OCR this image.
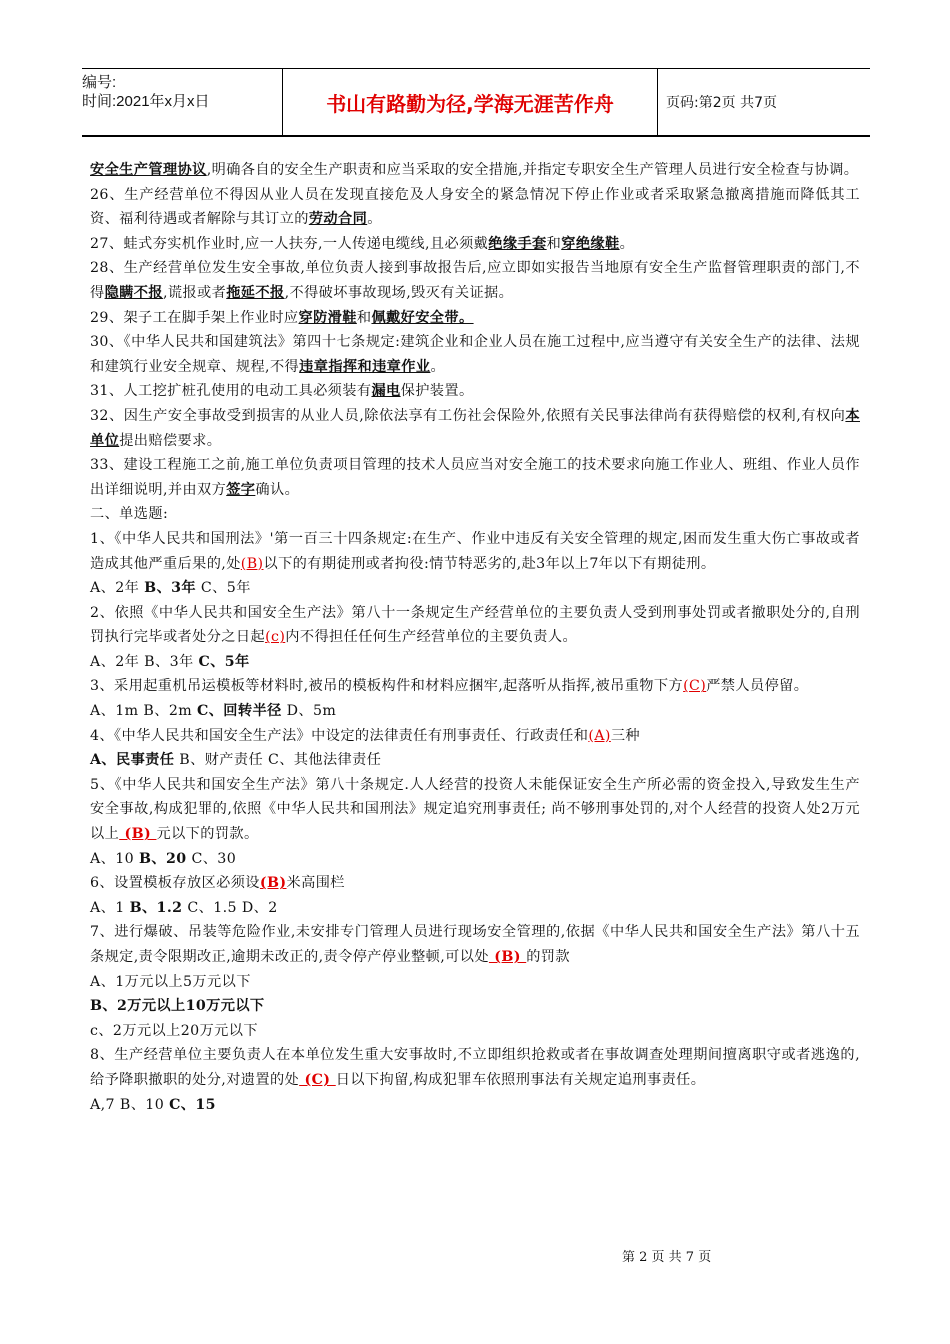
编号:
时间:2021年x月x日	书山有路勤为径,学海无涯苦作舟	页码:第2页 共7页

安全生产管理协议,明确各自的安全生产职责和应当采取的安全措施,并指定专职安全生产管理人员进行安全检查与协调。

26、生产经营单位不得因从业人员在发现直接危及人身安全的紧急情况下停止作业或者采取紧急撤离措施而降低其工资、福利待遇或者解除与其订立的劳动合同。

27、蛙式夯实机作业时,应一人扶夯,一人传递电缆线,且必须戴绝缘手套和穿绝缘鞋。

28、生产经营单位发生安全事故,单位负责人接到事故报告后,应立即如实报告当地原有安全生产监督管理职责的部门,不得隐瞒不报,谎报或者拖延不报,不得破坏事故现场,毁灭有关证据。

29、架子工在脚手架上作业时应穿防滑鞋和佩戴好安全带。

30、《中华人民共和国建筑法》第四十七条规定:建筑企业和企业人员在施工过程中,应当遵守有关安全生产的法律、法规和建筑行业安全规章、规程,不得违章指挥和违章作业。

31、人工挖扩桩孔使用的电动工具必须装有漏电保护装置。

32、因生产安全事故受到损害的从业人员,除依法享有工伤社会保险外,依照有关民事法律尚有获得赔偿的权利,有权向本单位提出赔偿要求。

33、建设工程施工之前,施工单位负责项目管理的技术人员应当对安全施工的技术要求向施工作业人、班组、作业人员作出详细说明,并由双方签字确认。

二、单选题:

1、《中华人民共和国刑法》'第一百三十四条规定:在生产、作业中违反有关安全管理的规定,困而发生重大伤亡事故或者造成其他严重后果的,处(B)以下的有期徒刑或者拘役:情节特恶劣的,赴3年以上7年以下有期徒刑。

A、2年 B、3年 C、5年

2、依照《中华人民共和国安全生产法》第八十一条规定生产经营单位的主要负责人受到刑事处罚或者撤职处分的,自刑罚执行完毕或者处分之日起(c)内不得担任任何生产经营单位的主要负责人。

A、2年 B、3年 C、5年

3、采用起重机吊运模板等材料时,被吊的模板构件和材料应捆牢,起落听从指挥,被吊重物下方(C)严禁人员停留。

A、1m B、2m C、回转半径 D、5m

4、《中华人民共和国安全生产法》中设定的法律责任有刑事责任、行政责任和(A)三种

A、民事责任 B、财产责任 C、其他法律责任

5、《中华人民共和国安全生产法》第八十条规定.人人经营的投资人未能保证安全生产所必需的资金投入,导致发生生产安全事故,构成犯罪的,依照《中华人民共和国刑法》规定追究刑事责任; 尚不够刑事处罚的,对个人经营的投资人处2万元以上 (B) 元以下的罚款。

A、10 B、20 C、30

6、设置模板存放区必须设(B)米高围栏

A、1 B、1.2 C、1.5 D、2

7、进行爆破、吊装等危险作业,未安排专门管理人员进行现场安全管理的,依据《中华人民共和国安全生产法》第八十五条规定,责令限期改正,逾期未改正的,责令停产停业整顿,可以处 (B) 的罚款

A、1万元以上5万元以下

B、2万元以上10万元以下

c、2万元以上20万元以下

8、生产经营单位主要负责人在本单位发生重大安事故时,不立即组织抢救或者在事故调查处理期间擅离职守或者逃逸的,给予降职撤职的处分,对遗置的处 (C) 日以下拘留,构成犯罪车依照刑事法有关规定追刑事责任。

A,7 B、10 C、15

第 2 页 共 7 页
